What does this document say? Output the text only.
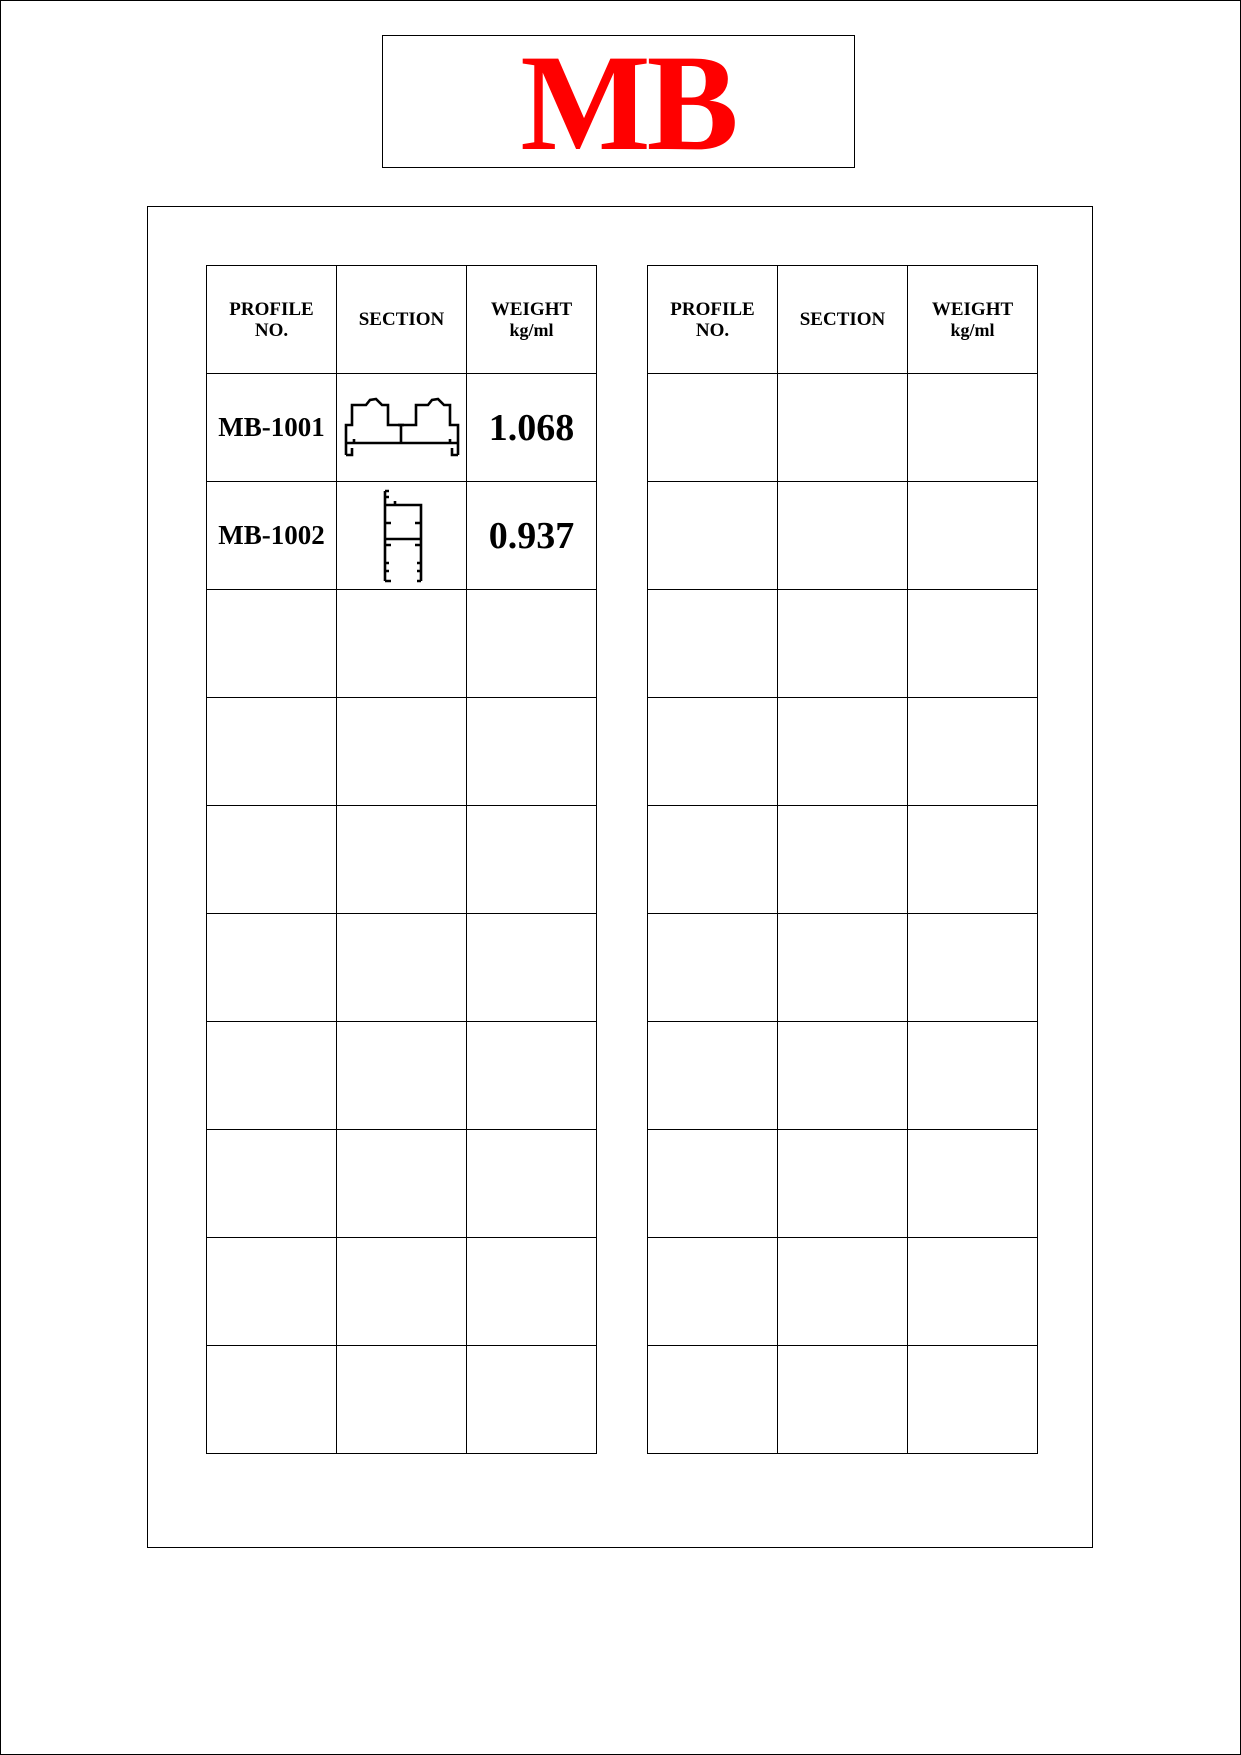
MB
PROFILE
NO.	SECTION	WEIGHT
kg/ml

MB-1001		1.068
MB-1002		0.937

PROFILE
NO.	SECTION	WEIGHT
kg/ml
